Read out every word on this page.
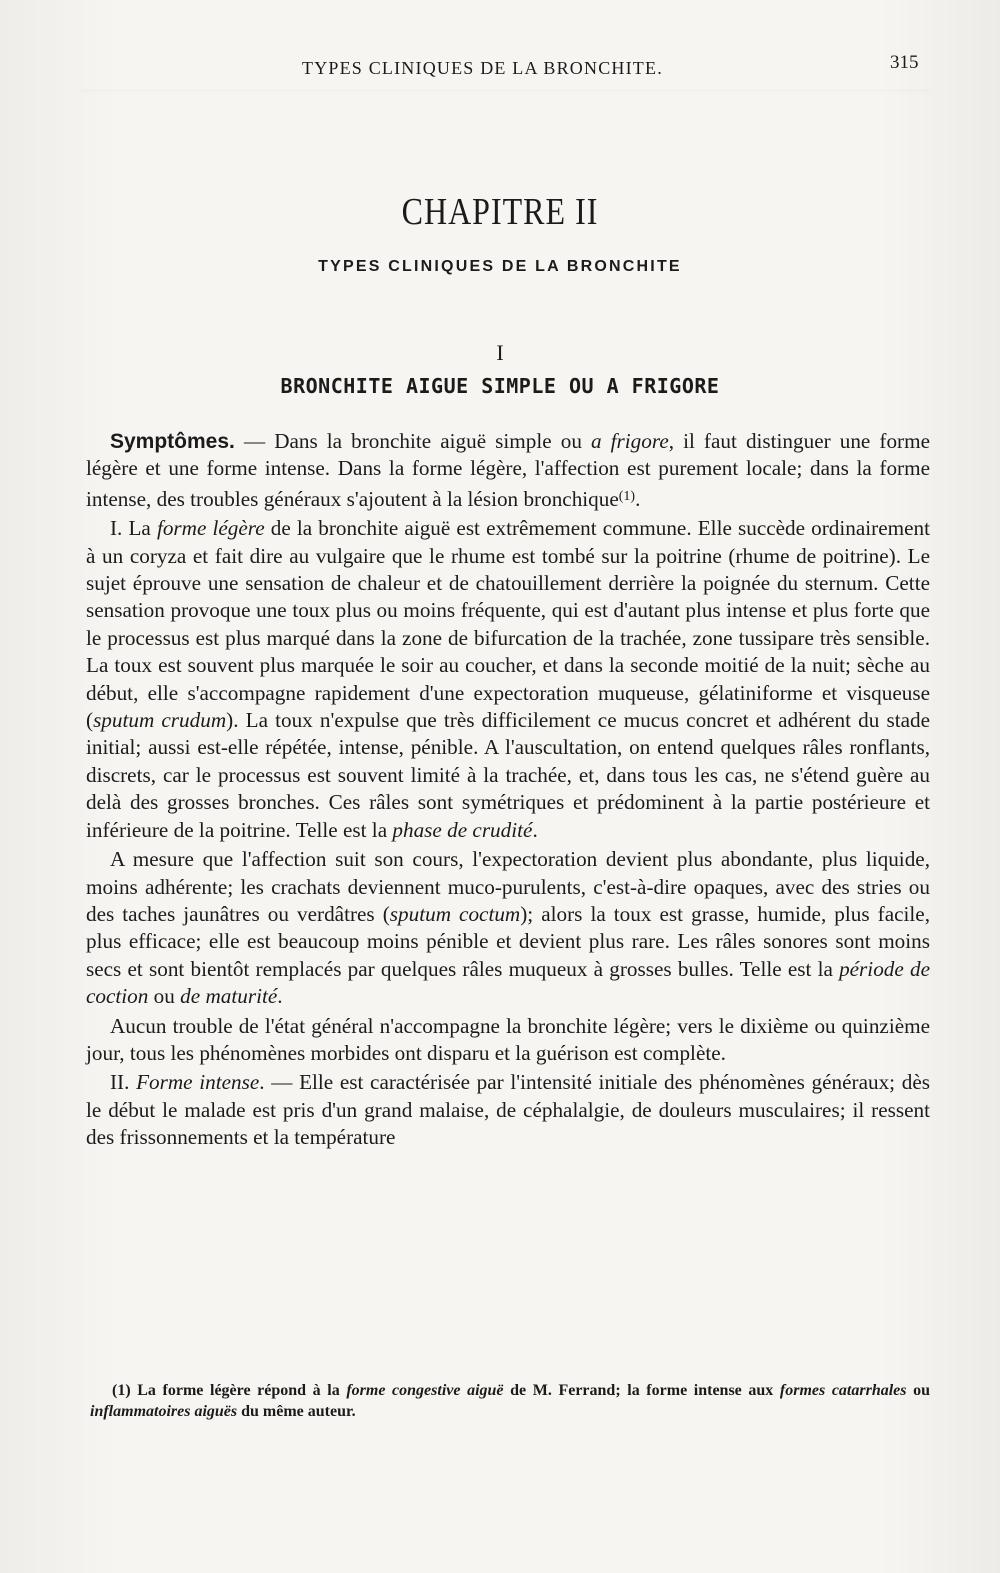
TYPES CLINIQUES DE LA BRONCHITE.	315
CHAPITRE II
TYPES CLINIQUES DE LA BRONCHITE
I
BRONCHITE AIGUE SIMPLE OU A FRIGORE

Symptômes. — Dans la bronchite aiguë simple ou a frigore, il faut distinguer une forme légère et une forme intense. Dans la forme légère, l'affection est purement locale; dans la forme intense, des troubles généraux s'ajoutent à la lésion bronchique$^{(1)}$.

I. La forme légère de la bronchite aiguë est extrêmement commune. Elle succède ordinairement à un coryza et fait dire au vulgaire que le rhume est tombé sur la poitrine (rhume de poitrine). Le sujet éprouve une sensation de chaleur et de chatouillement derrière la poignée du sternum. Cette sensation provoque une toux plus ou moins fréquente, qui est d'autant plus intense et plus forte que le processus est plus marqué dans la zone de bifurcation de la trachée, zone tussipare très sensible. La toux est souvent plus marquée le soir au coucher, et dans la seconde moitié de la nuit; sèche au début, elle s'accompagne rapidement d'une expectoration muqueuse, gélatiniforme et visqueuse (sputum crudum). La toux n'expulse que très difficilement ce mucus concret et adhérent du stade initial; aussi est-elle répétée, intense, pénible. A l'auscultation, on entend quelques râles ronflants, discrets, car le processus est souvent limité à la trachée, et, dans tous les cas, ne s'étend guère au delà des grosses bronches. Ces râles sont symétriques et prédominent à la partie postérieure et inférieure de la poitrine. Telle est la phase de crudité.

A mesure que l'affection suit son cours, l'expectoration devient plus abondante, plus liquide, moins adhérente; les crachats deviennent muco-purulents, c'est-à-dire opaques, avec des stries ou des taches jaunâtres ou verdâtres (sputum coctum); alors la toux est grasse, humide, plus facile, plus efficace; elle est beaucoup moins pénible et devient plus rare. Les râles sonores sont moins secs et sont bientôt remplacés par quelques râles muqueux à grosses bulles. Telle est la période de coction ou de maturité.

Aucun trouble de l'état général n'accompagne la bronchite légère; vers le dixième ou quinzième jour, tous les phénomènes morbides ont disparu et la guérison est complète.

II. Forme intense. — Elle est caractérisée par l'intensité initiale des phénomènes généraux; dès le début le malade est pris d'un grand malaise, de céphalalgie, de douleurs musculaires; il ressent des frissonnements et la température

(1) La forme légère répond à la forme congestive aiguë de M. Ferrand; la forme intense aux formes catarrhales ou inflammatoires aiguës du même auteur.
